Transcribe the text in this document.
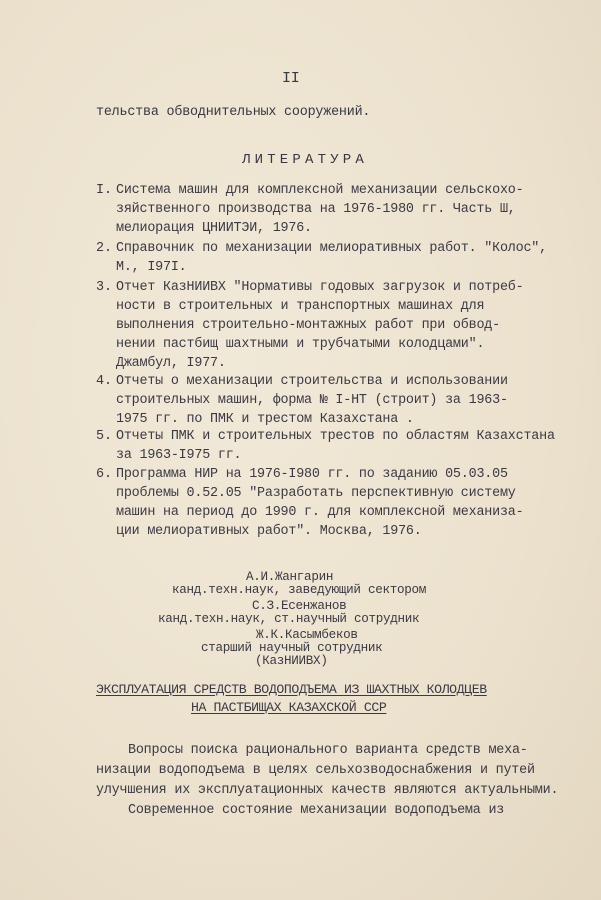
II
тельства обводнительных сооружений.
ЛИТЕРАТУРА
I. Система машин для комплексной механизации сельскохо-
зяйственного производства на 1976-1980 гг. Часть Ш,
мелиорация ЦНИИТЭИ, 1976.
2. Справочник по механизации мелиоративных работ. "Колос",
М., I97I.
3. Отчет КазНИИВХ "Нормативы годовых загрузок и потреб-
ности в строительных и транспортных машинах для
выполнения строительно-монтажных работ при обвод-
нении пастбищ шахтными и трубчатыми колодцами".
Джамбул, I977.
4. Отчеты о механизации строительства и использовании
строительных машин, форма № I-НТ (строит) за 1963-
1975 гг. по ПМК и трестом Казахстана .
5. Отчеты ПМК и строительных трестов по областям Казахстана
за 1963-I975 гг.
6. Программа НИР на 1976-I980 гг. по заданию 05.03.05
проблемы 0.52.05 "Разработать перспективную систему
машин на период до 1990 г. для комплексной механиза-
ции мелиоративных работ". Москва, 1976.
А.И.Жангарин
канд.техн.наук, заведующий сектором
С.З.Есенжанов
канд.техн.наук, ст.научный сотрудник
Ж.К.Касымбеков
старший научный сотрудник
(КазНИИВХ)
ЭКСПЛУАТАЦИЯ СРЕДСТВ ВОДОПОДЪЕМА ИЗ ШАХТНЫХ КОЛОДЦЕВ
НА ПАСТБИЩАХ КАЗАХСКОЙ ССР
Вопросы поиска рационального варианта средств меха-
низации водоподъема в целях сельхозводоснабжения и путей
улучшения их эксплуатационных качеств являются актуальными.
Современное состояние механизации водоподъема из
